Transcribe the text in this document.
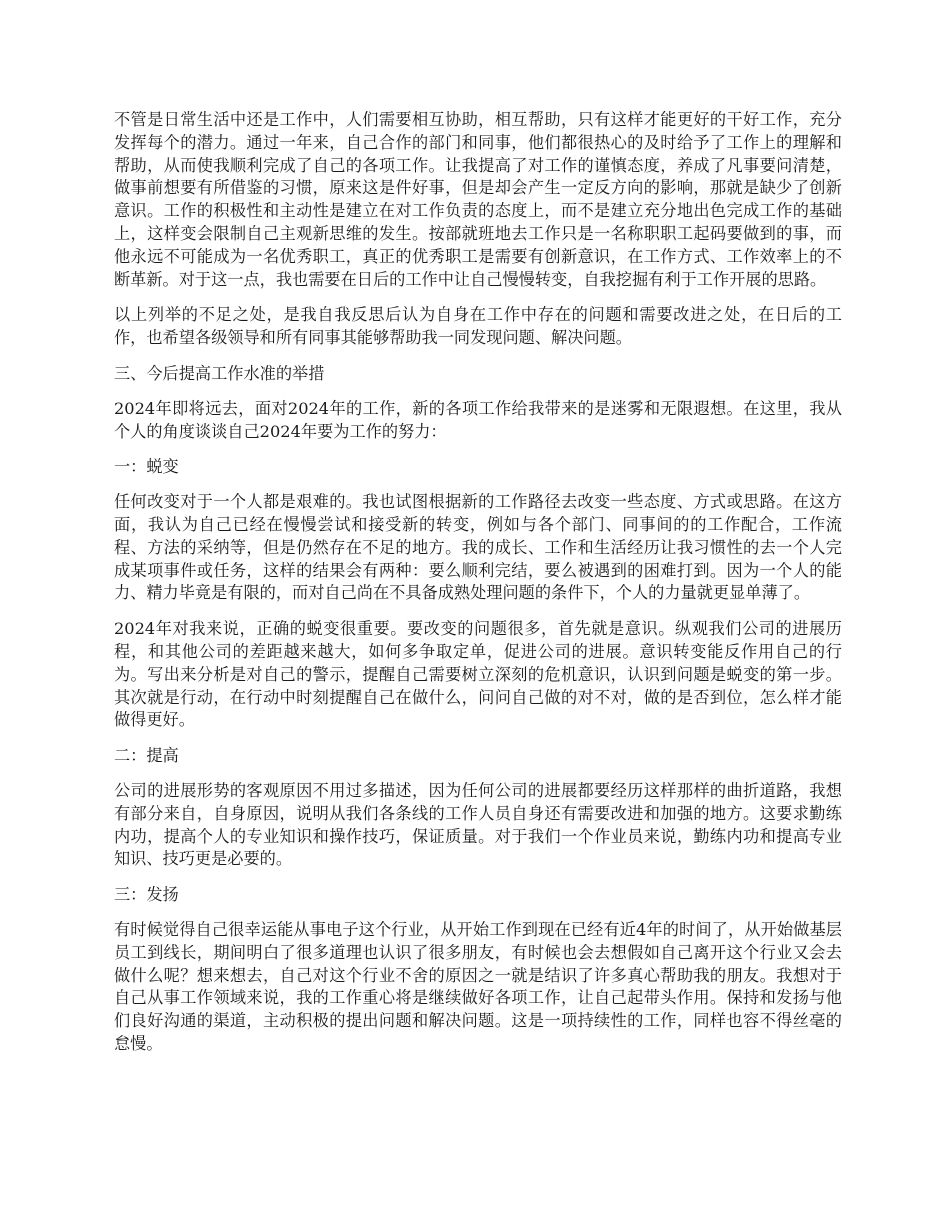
不管是日常生活中还是工作中，人们需要相互协助，相互帮助，只有这样才能更好的干好工作，充分发挥每个的潜力。通过一年来，自己合作的部门和同事，他们都很热心的及时给予了工作上的理解和帮助，从而使我顺利完成了自己的各项工作。让我提高了对工作的谨慎态度，养成了凡事要问清楚，做事前想要有所借鉴的习惯，原来这是件好事，但是却会产生一定反方向的影响，那就是缺少了创新意识。工作的积极性和主动性是建立在对工作负责的态度上，而不是建立充分地出色完成工作的基础上，这样变会限制自己主观新思维的发生。按部就班地去工作只是一名称职职工起码要做到的事，而他永远不可能成为一名优秀职工，真正的优秀职工是需要有创新意识，在工作方式、工作效率上的不断革新。对于这一点，我也需要在日后的工作中让自己慢慢转变，自我挖掘有利于工作开展的思路。

以上列举的不足之处，是我自我反思后认为自身在工作中存在的问题和需要改进之处，在日后的工作，也希望各级领导和所有同事其能够帮助我一同发现问题、解决问题。

三、今后提高工作水准的举措

2024年即将远去，面对2024年的工作，新的各项工作给我带来的是迷雾和无限遐想。在这里，我从个人的角度谈谈自己2024年要为工作的努力：

一：蜕变

任何改变对于一个人都是艰难的。我也试图根据新的工作路径去改变一些态度、方式或思路。在这方面，我认为自己已经在慢慢尝试和接受新的转变，例如与各个部门、同事间的的工作配合，工作流程、方法的采纳等，但是仍然存在不足的地方。我的成长、工作和生活经历让我习惯性的去一个人完成某项事件或任务，这样的结果会有两种：要么顺利完结，要么被遇到的困难打到。因为一个人的能力、精力毕竟是有限的，而对自己尚在不具备成熟处理问题的条件下，个人的力量就更显单薄了。

2024年对我来说，正确的蜕变很重要。要改变的问题很多，首先就是意识。纵观我们公司的进展历程，和其他公司的差距越来越大，如何多争取定单，促进公司的进展。意识转变能反作用自己的行为。写出来分析是对自己的警示，提醒自己需要树立深刻的危机意识，认识到问题是蜕变的第一步。其次就是行动，在行动中时刻提醒自己在做什么，问问自己做的对不对，做的是否到位，怎么样才能做得更好。

二：提高

公司的进展形势的客观原因不用过多描述，因为任何公司的进展都要经历这样那样的曲折道路，我想有部分来自，自身原因，说明从我们各条线的工作人员自身还有需要改进和加强的地方。这要求勤练内功，提高个人的专业知识和操作技巧，保证质量。对于我们一个作业员来说，勤练内功和提高专业知识、技巧更是必要的。

三：发扬

有时候觉得自己很幸运能从事电子这个行业，从开始工作到现在已经有近4年的时间了，从开始做基层员工到线长，期间明白了很多道理也认识了很多朋友，有时候也会去想假如自己离开这个行业又会去做什么呢？想来想去，自己对这个行业不舍的原因之一就是结识了许多真心帮助我的朋友。我想对于自己从事工作领域来说，我的工作重心将是继续做好各项工作，让自己起带头作用。保持和发扬与他们良好沟通的渠道，主动积极的提出问题和解决问题。这是一项持续性的工作，同样也容不得丝毫的怠慢。
